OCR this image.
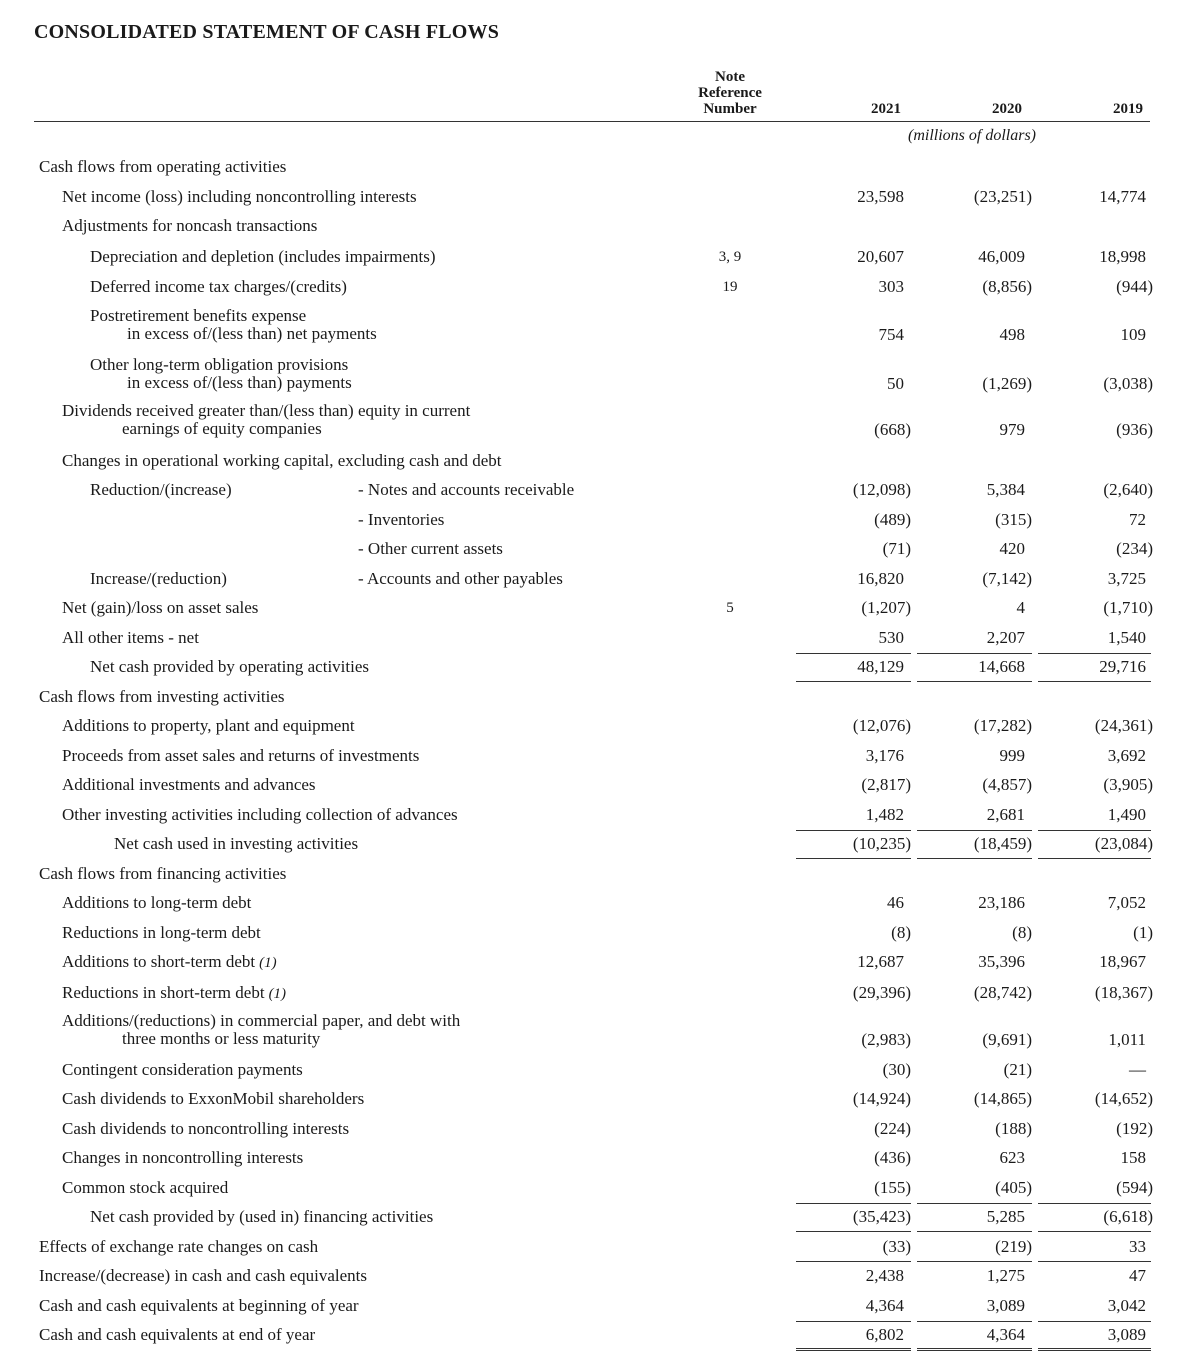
CONSOLIDATED STATEMENT OF CASH FLOWS
Note
Reference
Number	2021	2020	2019
(millions of dollars)
Cash flows from operating activities
Net income (loss) including noncontrolling interests	23,598	(23,251)	14,774
Adjustments for noncash transactions
Depreciation and depletion (includes impairments)	3, 9	20,607	46,009	18,998
Deferred income tax charges/(credits)	19	303	(8,856)	(944)
Postretirement benefits expense
in excess of/(less than) net payments	754	498	109
Other long-term obligation provisions
in excess of/(less than) payments	50	(1,269)	(3,038)
Dividends received greater than/(less than) equity in current
earnings of equity companies	(668)	979	(936)
Changes in operational working capital, excluding cash and debt
Reduction/(increase)	- Notes and accounts receivable	(12,098)	5,384	(2,640)
- Inventories	(489)	(315)	72
- Other current assets	(71)	420	(234)
Increase/(reduction)	- Accounts and other payables	16,820	(7,142)	3,725
Net (gain)/loss on asset sales	5	(1,207)	4	(1,710)
All other items - net	530	2,207	1,540
Net cash provided by operating activities	48,129	14,668	29,716
Cash flows from investing activities
Additions to property, plant and equipment	(12,076)	(17,282)	(24,361)
Proceeds from asset sales and returns of investments	3,176	999	3,692
Additional investments and advances	(2,817)	(4,857)	(3,905)
Other investing activities including collection of advances	1,482	2,681	1,490
Net cash used in investing activities	(10,235)	(18,459)	(23,084)
Cash flows from financing activities
Additions to long-term debt	46	23,186	7,052
Reductions in long-term debt	(8)	(8)	(1)
Additions to short-term debt (1)	12,687	35,396	18,967
Reductions in short-term debt (1)	(29,396)	(28,742)	(18,367)
Additions/(reductions) in commercial paper, and debt with
three months or less maturity	(2,983)	(9,691)	1,011
Contingent consideration payments	(30)	(21)	—
Cash dividends to ExxonMobil shareholders	(14,924)	(14,865)	(14,652)
Cash dividends to noncontrolling interests	(224)	(188)	(192)
Changes in noncontrolling interests	(436)	623	158
Common stock acquired	(155)	(405)	(594)
Net cash provided by (used in) financing activities	(35,423)	5,285	(6,618)
Effects of exchange rate changes on cash	(33)	(219)	33
Increase/(decrease) in cash and cash equivalents	2,438	1,275	47
Cash and cash equivalents at beginning of year	4,364	3,089	3,042
Cash and cash equivalents at end of year	6,802	4,364	3,089
